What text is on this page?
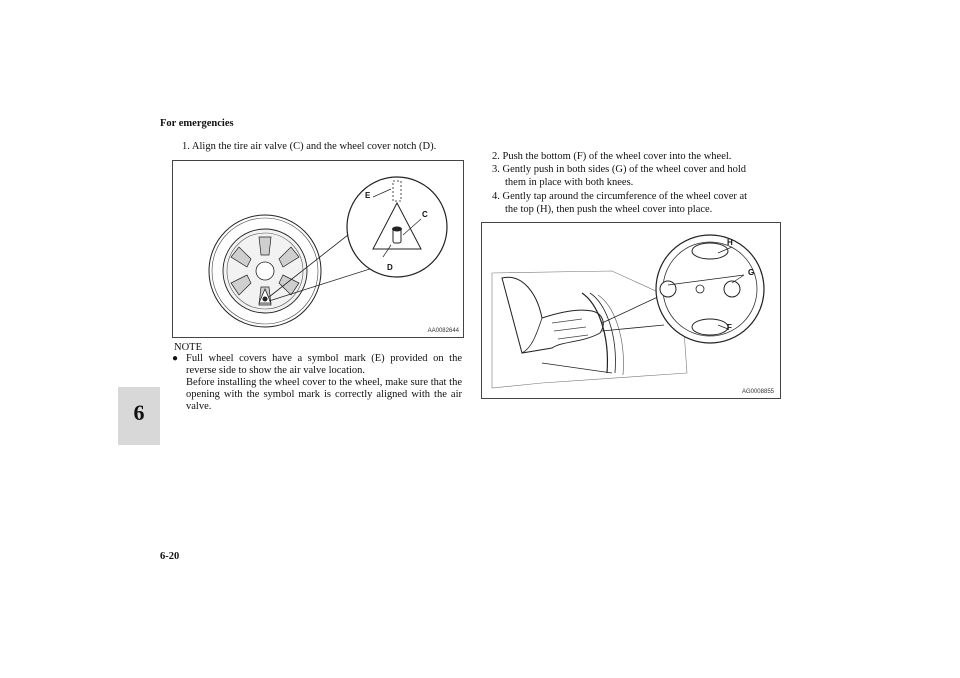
For emergencies
6
6-20
1. Align the tire air valve (C) and the wheel cover notch (D).
E
C
D
AA0082644
NOTE
● Full wheel covers have a symbol mark (E) provided on the reverse side to show the air valve location.
Before installing the wheel cover to the wheel, make sure that the opening with the symbol mark is correctly aligned with the air valve.
2. Push the bottom (F) of the wheel cover into the wheel.
3. Gently push in both sides (G) of the wheel cover and hold
them in place with both knees.
4. Gently tap around the circumference of the wheel cover at
the top (H), then push the wheel cover into place.
H
G
F
AG0008855
